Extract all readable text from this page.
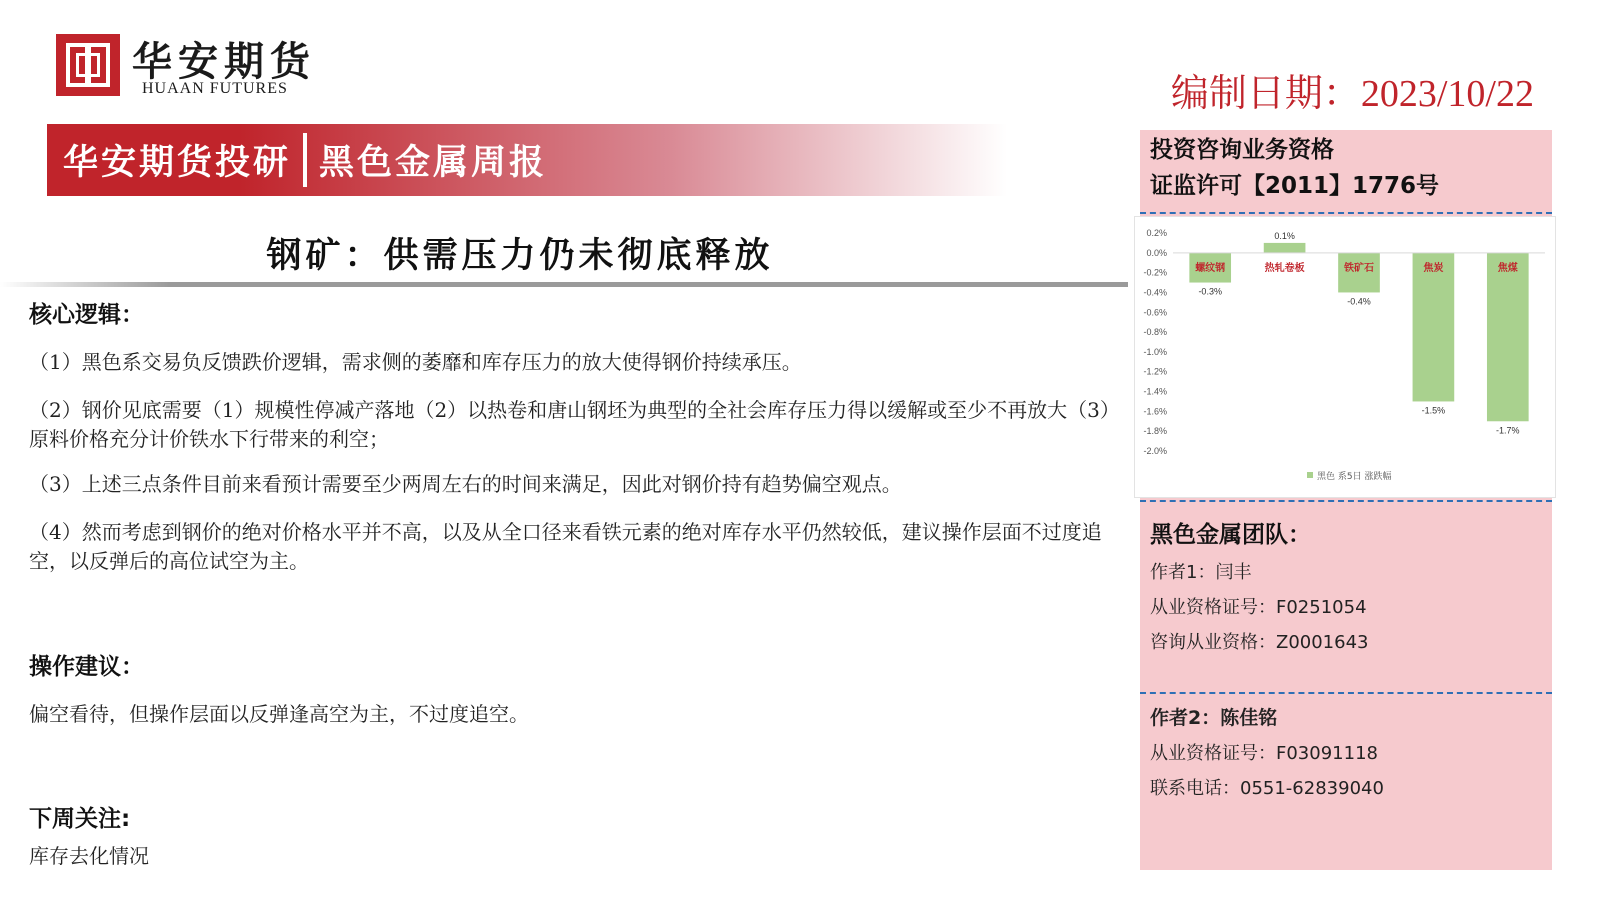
华安期货
HUAAN FUTURES	编制日期：2023/10/22
华安期货投研 黑色金属周报
钢矿：供需压力仍未彻底释放
核心逻辑：
（1）黑色系交易负反馈跌价逻辑，需求侧的萎靡和库存压力的放大使得钢价持续承压。
（2）钢价见底需要（1）规模性停减产落地（2）以热卷和唐山钢坯为典型的全社会库存压力得以缓解或至少不再放大（3）原料价格充分计价铁水下行带来的利空；
（3）上述三点条件目前来看预计需要至少两周左右的时间来满足，因此对钢价持有趋势偏空观点。
（4）然而考虑到钢价的绝对价格水平并不高，以及从全口径来看铁元素的绝对库存水平仍然较低，建议操作层面不过度追空，以反弹后的高位试空为主。
操作建议：
偏空看待，但操作层面以反弹逢高空为主，不过度追空。
下周关注:
库存去化情况
投资咨询业务资格
证监许可【2011】1776号
0.2%
0.0%
-0.2%
-0.4%
-0.6%
-0.8%
-1.0%
-1.2%
-1.4%
-1.6%
-1.8%
-2.0%
-0.3%
螺纹钢
0.1%
热轧卷板
-0.4%
铁矿石
-1.5%
焦炭
-1.7%
焦煤
黑色 系5日 涨跌幅
黑色金属团队：
作者1：闫丰
从业资格证号：F0251054
咨询从业资格：Z0001643
作者2：陈佳铭
从业资格证号：F03091118
联系电话：0551-62839040
